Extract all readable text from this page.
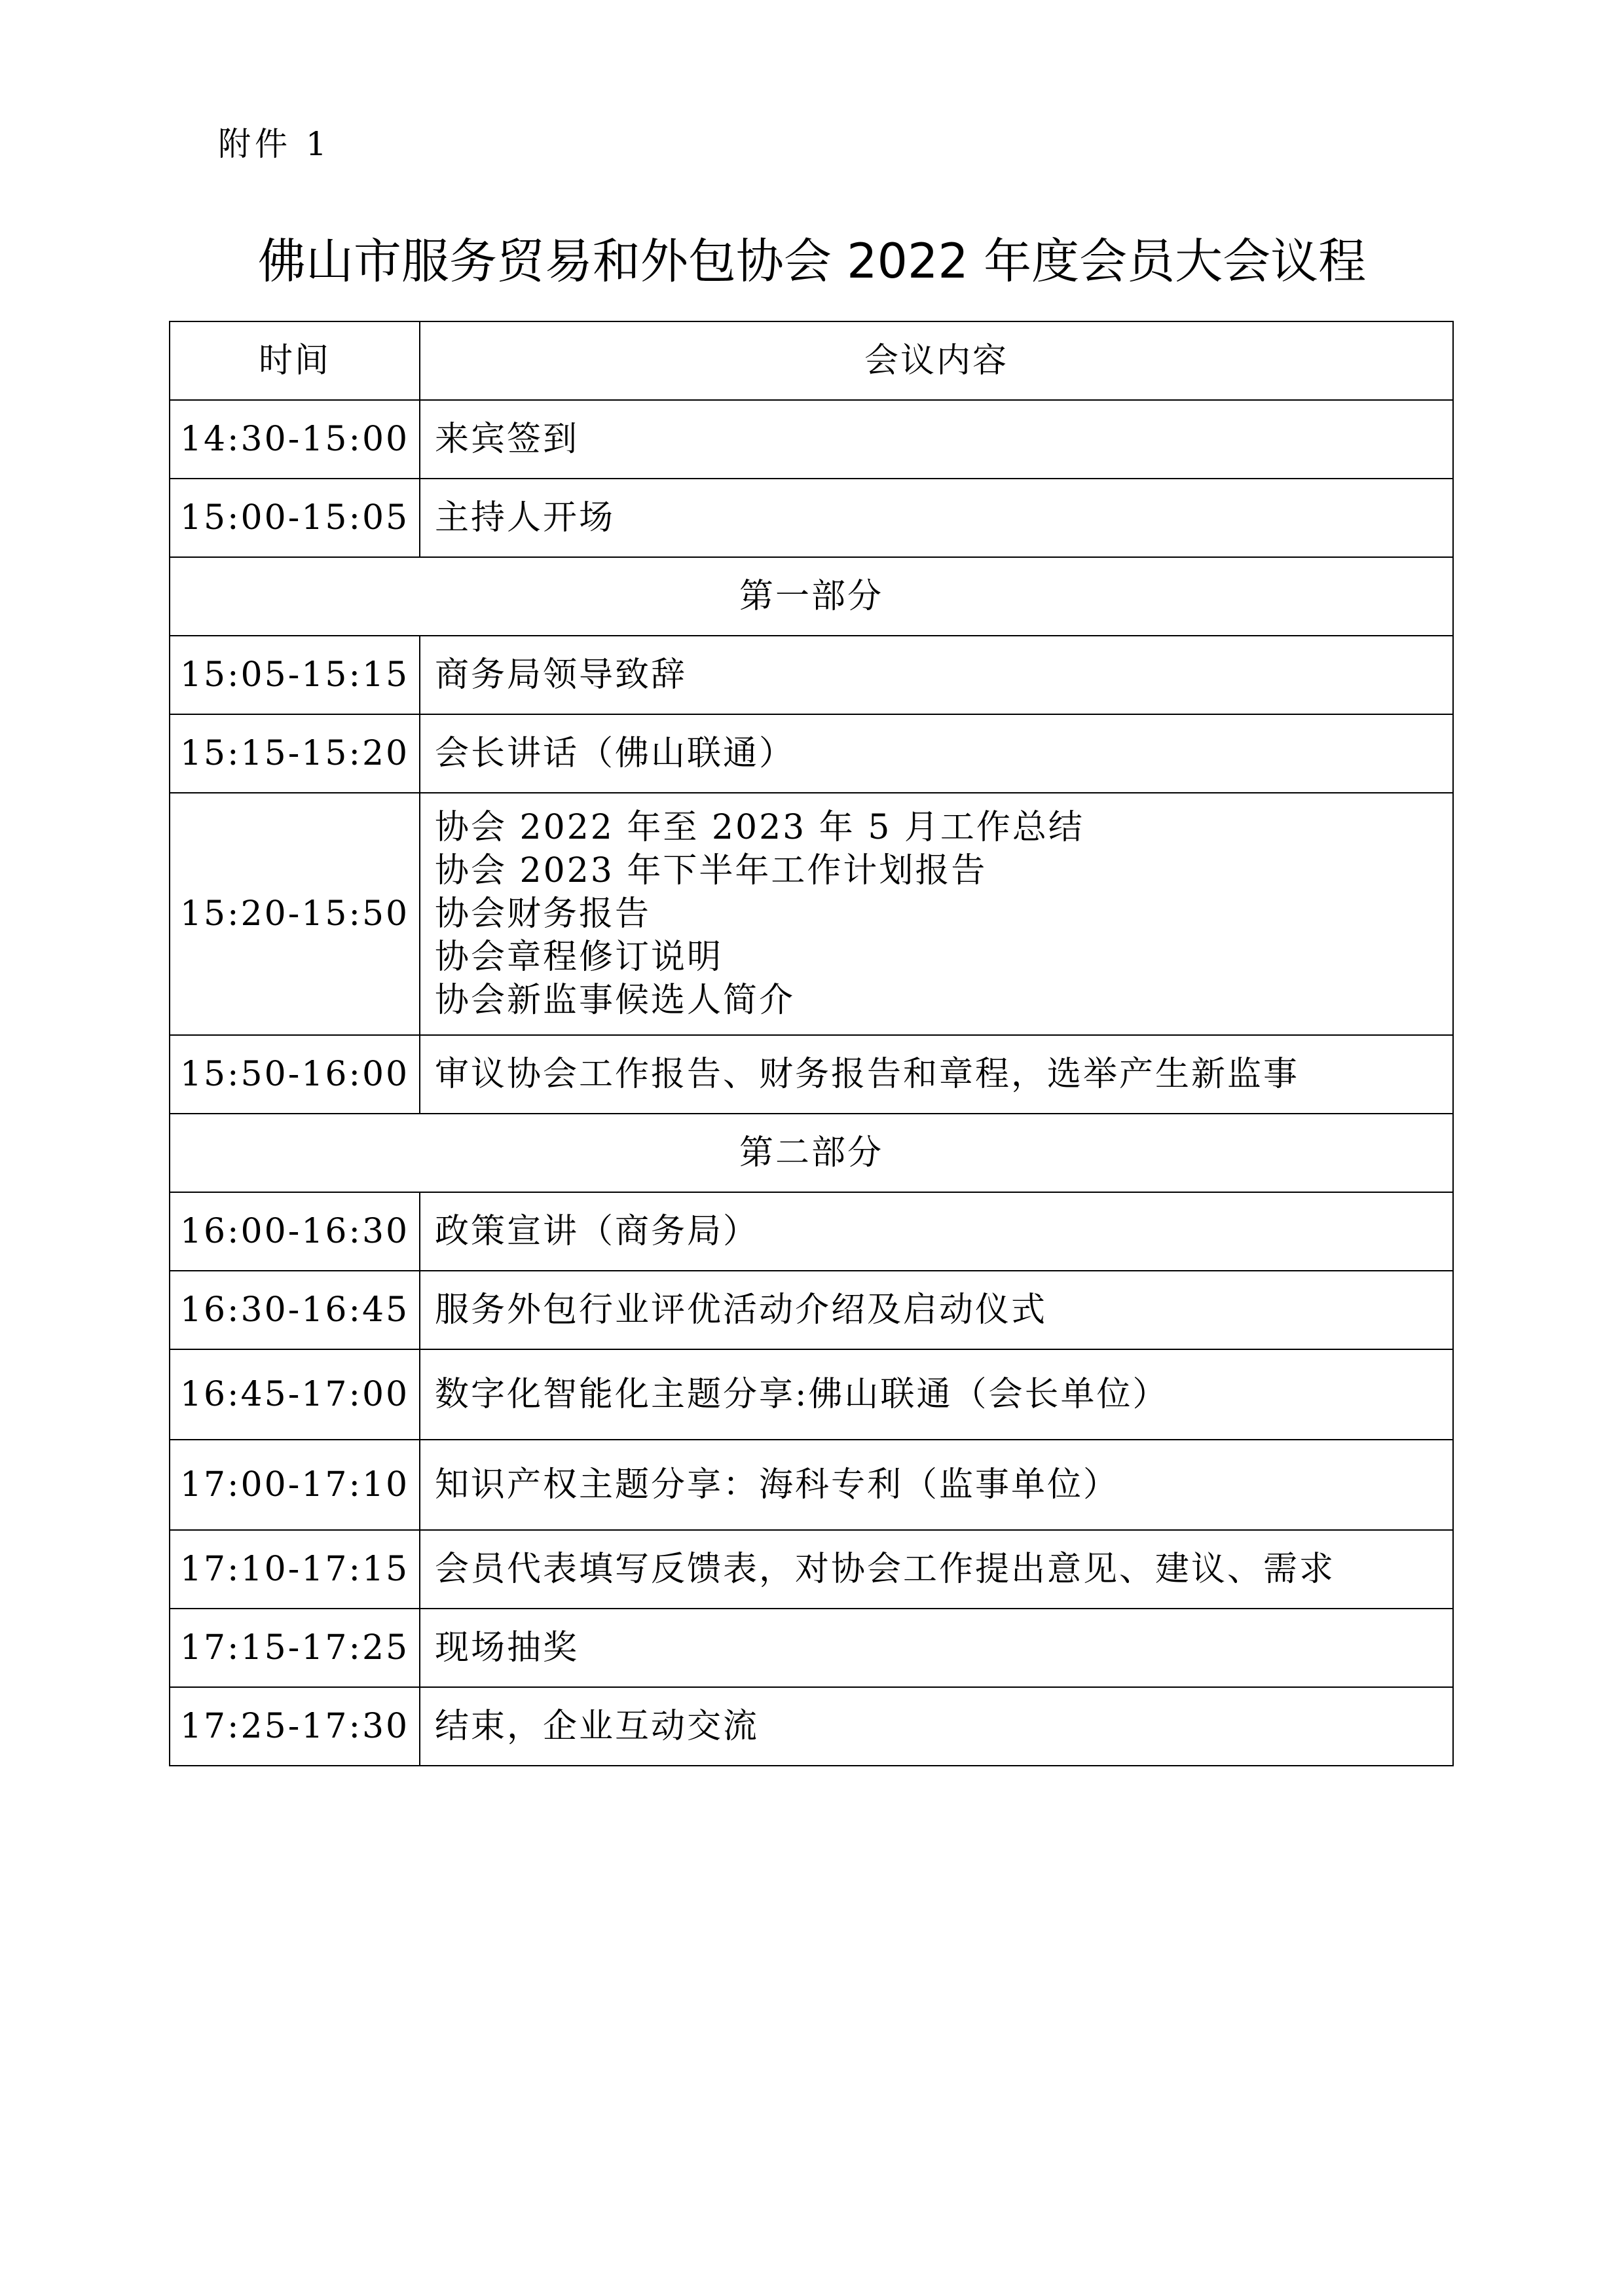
附件 1
佛山市服务贸易和外包协会 2022 年度会员大会议程
时间	会议内容
14:30-15:00	来宾签到
15:00-15:05	主持人开场
第一部分	
15:05-15:15	商务局领导致辞
15:15-15:20	会长讲话（佛山联通）
15:20-15:50	协会 2022 年至 2023 年 5 月工作总结
协会 2023 年下半年工作计划报告
协会财务报告
协会章程修订说明
协会新监事候选人简介

15:50-16:00	审议协会工作报告、财务报告和章程，选举产生新监事
第二部分	
16:00-16:30	政策宣讲（商务局）
16:30-16:45	服务外包行业评优活动介绍及启动仪式
16:45-17:00	数字化智能化主题分享:佛山联通（会长单位）
17:00-17:10	知识产权主题分享：海科专利（监事单位）
17:10-17:15	会员代表填写反馈表，对协会工作提出意见、建议、需求
17:15-17:25	现场抽奖
17:25-17:30	结束，企业互动交流
